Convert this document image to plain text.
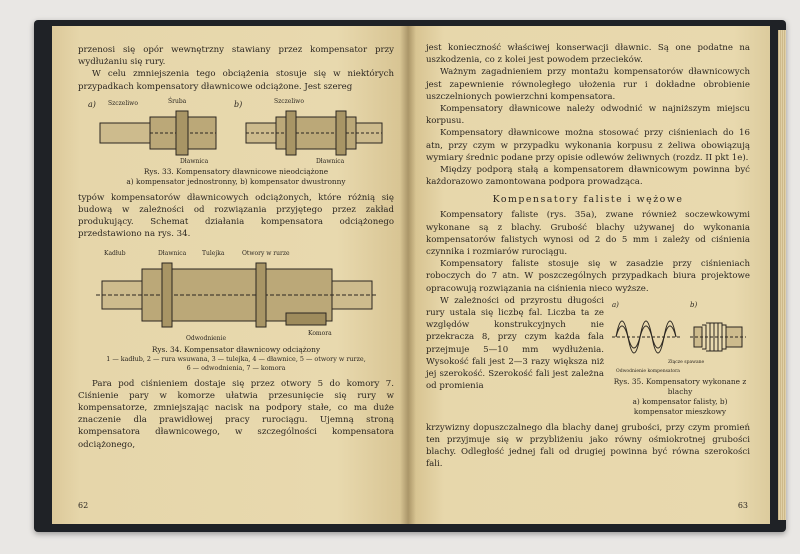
przenosi się opór wewnętrzny stawiany przez kompensator przy wydłużaniu się rury.

W celu zmniejszenia tego obciążenia stosuje się w niektórych przypadkach kompensatory dławnicowe odciążone. Jest szereg

a)	b)
Szczeliwo	Śruba	Szczeliwo
Dławnica	Dławnica
Rys. 33. Kompensatory dławnicowe nieodciążone
a) kompensator jednostronny, b) kompensator dwustronny

typów kompensatorów dławnicowych odciążonych, które różnią się budową w zależności od rozwiązania przyjętego przez zakład produkujący. Schemat działania kompensatora odciążonego przedstawiono na rys. 34.

Kadłub	Dławnica	Tulejka	Otwory w rurze
Komora
Odwodnienie
Rys. 34. Kompensator dławnicowy odciążony
1 — kadłub, 2 — rura wsuwana, 3 — tulejka, 4 — dławnice, 5 — otwory w rurze,
6 — odwodnienia, 7 — komora

Para pod ciśnieniem dostaje się przez otwory 5 do komory 7. Ciśnienie pary w komorze ułatwia przesunięcie się rury w kompensatorze, zmniejszając nacisk na podpory stałe, co ma duże znaczenie dla prawidłowej pracy rurociągu. Ujemną stroną kompensatora dławnicowego, w szczególności kompensatora odciążonego,

62

jest konieczność właściwej konserwacji dławnic. Są one podatne na uszkodzenia, co z kolei jest powodem przecieków.

Ważnym zagadnieniem przy montażu kompensatorów dławnicowych jest zapewnienie równoległego ułożenia rur i dokładne obrobienie uszczelnionych powierzchni kompensatora.

Kompensatory dławnicowe należy odwodnić w najniższym miejscu korpusu.

Kompensatory dławnicowe można stosować przy ciśnieniach do 16 atn, przy czym w przypadku wykonania korpusu z żeliwa obowiązują wymiary średnic podane przy opisie odlewów żeliwnych (rozdz. II pkt 1e).

Między podporą stałą a kompensatorem dławnicowym powinna być każdorazowo zamontowana podpora prowadząca.

Kompensatory faliste i wężowe

Kompensatory faliste (rys. 35a), zwane również soczewkowymi wykonane są z blachy. Grubość blachy używanej do wykonania kompensatorów falistych wynosi od 2 do 5 mm i zależy od ciśnienia czynnika i rozmiarów rurociągu.

Kompensatory faliste stosuje się w zasadzie przy ciśnieniach roboczych do 7 atn. W poszczególnych przypadkach biura projektowe opracowują rozwiązania na ciśnienia nieco wyższe.

W zależności od przyrostu długości rury ustala się liczbę fal. Liczba ta ze względów konstrukcyjnych nie przekracza 8, przy czym każda fala przejmuje 5—10 mm wydłużenia. Wysokość fali jest 2—3 razy większa niż jej szerokość. Szerokość fali jest zależna od promienia

a)	b)
Złącze spawane
Odwodnienie kompensatora
Rys. 35. Kompensatory wykonane z blachy
a) kompensator falisty, b) kompensator mieszkowy

krzywizny dopuszczalnego dla blachy danej grubości, przy czym promień ten przyjmuje się w przybliżeniu jako równy ośmiokrotnej grubości blachy. Odległość jednej fali od drugiej powinna być równa szerokości fali.

63
